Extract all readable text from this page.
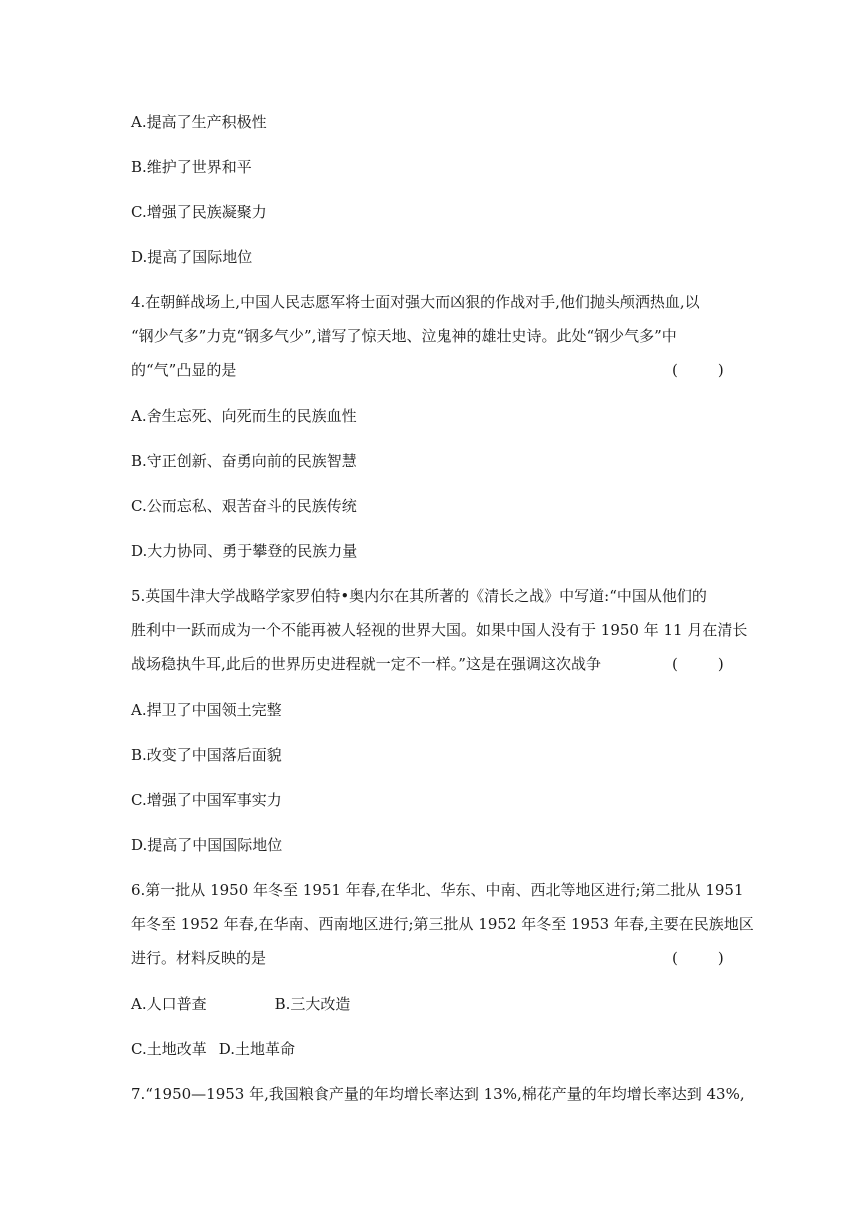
A.提高了生产积极性
B.维护了世界和平
C.增强了民族凝聚力
D.提高了国际地位
4.在朝鲜战场上,中国人民志愿军将士面对强大而凶狠的作战对手,他们抛头颅洒热血,以
“钢少气多”力克“钢多气少”,谱写了惊天地、泣鬼神的雄壮史诗。此处“钢少气多”中
的“气”凸显的是	()
A.舍生忘死、向死而生的民族血性
B.守正创新、奋勇向前的民族智慧
C.公而忘私、艰苦奋斗的民族传统
D.大力协同、勇于攀登的民族力量
5.英国牛津大学战略学家罗伯特•奥内尔在其所著的《清长之战》中写道:“中国从他们的
胜利中一跃而成为一个不能再被人轻视的世界大国。如果中国人没有于 1950 年 11 月在清长
战场稳执牛耳,此后的世界历史进程就一定不一样。”这是在强调这次战争	()
A.捍卫了中国领土完整
B.改变了中国落后面貌
C.增强了中国军事实力
D.提高了中国国际地位
6.第一批从 1950 年冬至 1951 年春,在华北、华东、中南、西北等地区进行;第二批从 1951
年冬至 1952 年春,在华南、西南地区进行;第三批从 1952 年冬至 1953 年春,主要在民族地区
进行。材料反映的是	()
A.人口普查	B.三大改造
C.土地改革 D.土地革命
7.“1950—1953 年,我国粮食产量的年均增长率达到 13%,棉花产量的年均增长率达到 43%,
